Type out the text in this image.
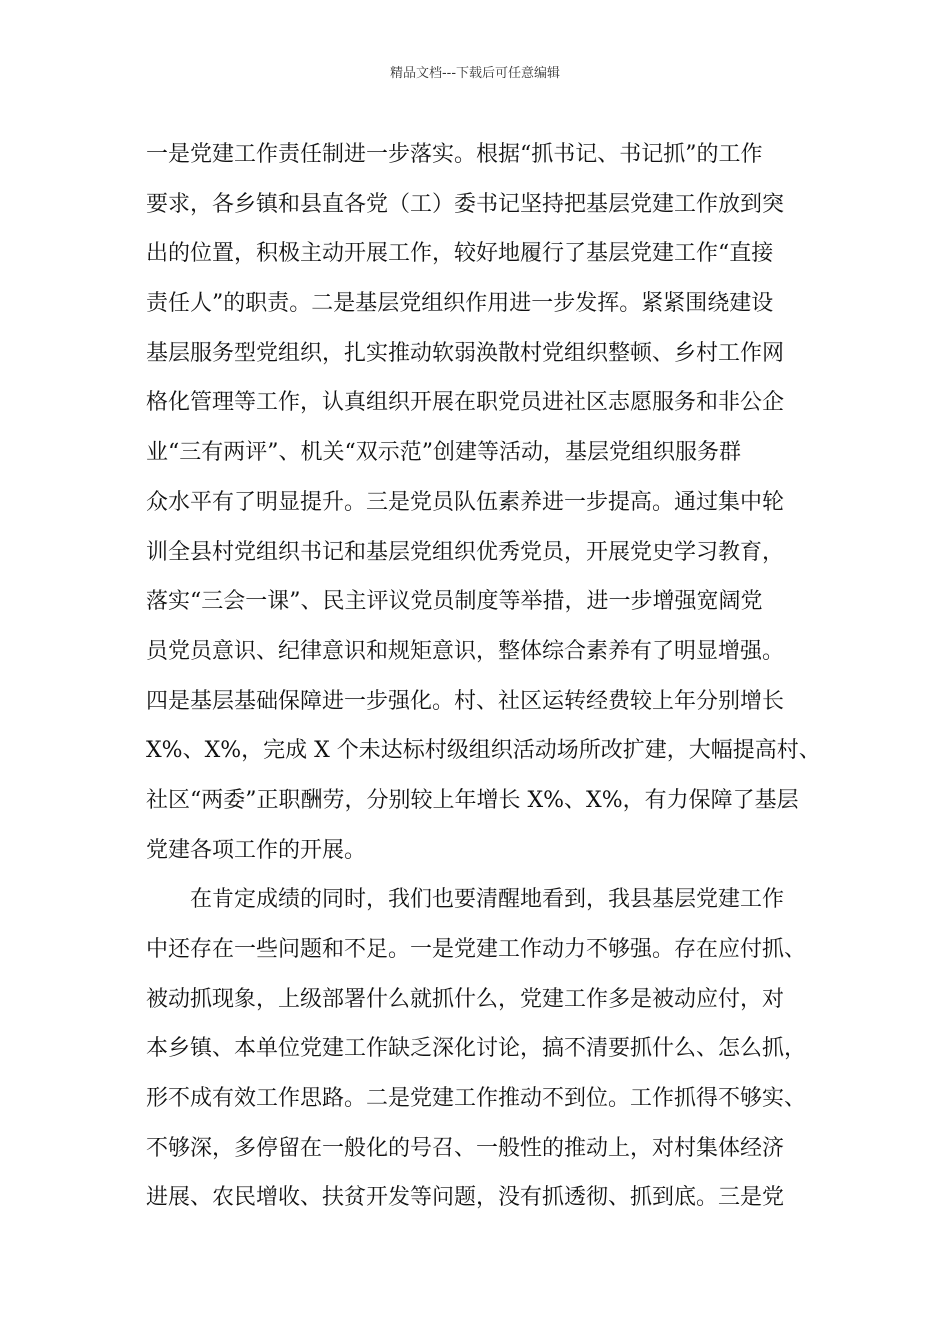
精品文档---下载后可任意编辑
一是党建工作责任制进一步落实。根据“抓书记、书记抓”的工作
要求，各乡镇和县直各党（工）委书记坚持把基层党建工作放到突
出的位置，积极主动开展工作，较好地履行了基层党建工作“直接
责任人”的职责。二是基层党组织作用进一步发挥。紧紧围绕建设
基层服务型党组织，扎实推动软弱涣散村党组织整顿、乡村工作网
格化管理等工作，认真组织开展在职党员进社区志愿服务和非公企
业“三有两评”、机关“双示范”创建等活动，基层党组织服务群
众水平有了明显提升。三是党员队伍素养进一步提高。通过集中轮
训全县村党组织书记和基层党组织优秀党员，开展党史学习教育，
落实“三会一课”、民主评议党员制度等举措，进一步增强宽阔党
员党员意识、纪律意识和规矩意识，整体综合素养有了明显增强。
四是基层基础保障进一步强化。村、社区运转经费较上年分别增长
X%、X%，完成 X 个未达标村级组织活动场所改扩建，大幅提高村、
社区“两委”正职酬劳，分别较上年增长 X%、X%，有力保障了基层
党建各项工作的开展。
在肯定成绩的同时，我们也要清醒地看到，我县基层党建工作
中还存在一些问题和不足。一是党建工作动力不够强。存在应付抓、
被动抓现象，上级部署什么就抓什么，党建工作多是被动应付，对
本乡镇、本单位党建工作缺乏深化讨论，搞不清要抓什么、怎么抓，
形不成有效工作思路。二是党建工作推动不到位。工作抓得不够实、
不够深，多停留在一般化的号召、一般性的推动上，对村集体经济
进展、农民增收、扶贫开发等问题，没有抓透彻、抓到底。三是党
